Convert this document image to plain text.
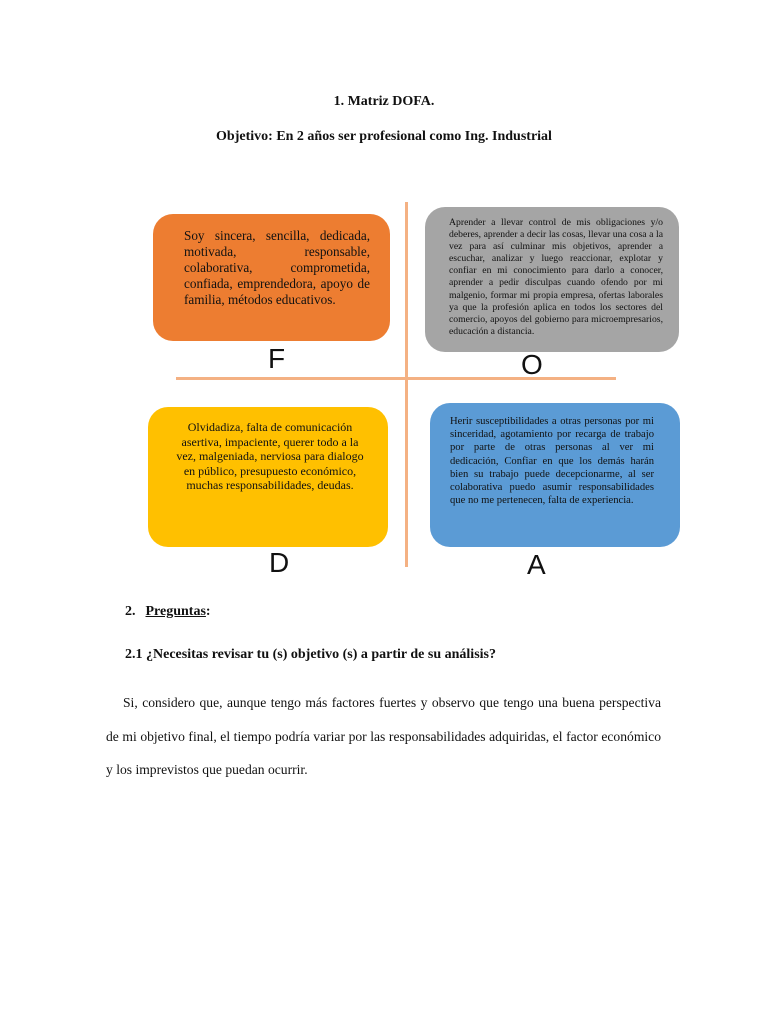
1. Matriz DOFA.
Objetivo: En 2 años ser profesional como Ing. Industrial
Soy sincera, sencilla, dedicada, motivada, responsable, colaborativa, comprometida, confiada, emprendedora, apoyo de familia, métodos educativos.
Aprender a llevar control de mis obligaciones y/o deberes, aprender a decir las cosas, llevar una cosa a la vez para así culminar mis objetivos, aprender a escuchar, analizar y luego reaccionar, explotar y confiar en mi conocimiento para darlo a conocer, aprender a pedir disculpas cuando ofendo por mi malgenio, formar mi propia empresa, ofertas laborales ya que la profesión aplica en todos los sectores del comercio, apoyos del gobierno para microempresarios, educación a distancia.
Olvidadiza, falta de comunicación asertiva, impaciente, querer todo a la vez, malgeniada, nerviosa para dialogo en público, presupuesto económico, muchas responsabilidades, deudas.
Herir susceptibilidades a otras personas por mi sinceridad, agotamiento por recarga de trabajo por parte de otras personas al ver mi dedicación, Confiar en que los demás harán bien su trabajo puede decepcionarme, al ser colaborativa puedo asumir responsabilidades que no me pertenecen, falta de experiencia.
F	O
D	A
2. Preguntas:
2.1 ¿Necesitas revisar tu (s) objetivo (s) a partir de su análisis?
Si, considero que, aunque tengo más factores fuertes y observo que tengo una buena perspectiva de mi objetivo final, el tiempo podría variar por las responsabilidades adquiridas, el factor económico y los imprevistos que puedan ocurrir.
